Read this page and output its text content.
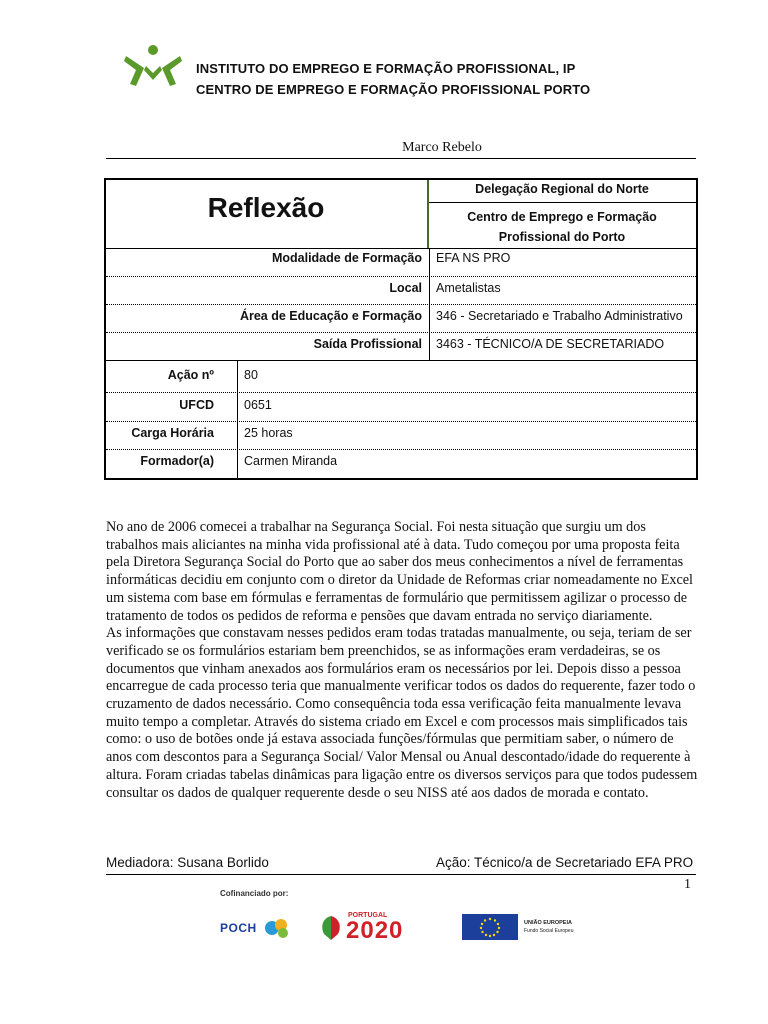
INSTITUTO DO EMPREGO E FORMAÇÃO PROFISSIONAL, IP
CENTRO DE EMPREGO E FORMAÇÃO PROFISSIONAL PORTO
Marco Rebelo
Reflexão
Delegação Regional do Norte
Centro de Emprego e Formação
Profissional do Porto
Modalidade de Formação EFA NS PRO
Local Ametalistas
Área de Educação e Formação 346 - Secretariado e Trabalho Administrativo
Saída Profissional 3463 - TÉCNICO/A DE SECRETARIADO
Ação nº 80
UFCD 0651
Carga Horária 25 horas
Formador(a) Carmen Miranda

No ano de 2006 comecei a trabalhar na Segurança Social. Foi nesta situação que surgiu um dos trabalhos mais aliciantes na minha vida profissional até à data. Tudo começou por uma proposta feita pela Diretora Segurança Social do Porto que ao saber dos meus conhecimentos a nível de ferramentas informáticas decidiu em conjunto com o diretor da Unidade de Reformas criar nomeadamente no Excel um sistema com base em fórmulas e ferramentas de formulário que permitissem agilizar o processo de tratamento de todos os pedidos de reforma e pensões que davam entrada no serviço diariamente.

As informações que constavam nesses pedidos eram todas tratadas manualmente, ou seja, teriam de ser verificado se os formulários estariam bem preenchidos, se as informações eram verdadeiras, se os documentos que vinham anexados aos formulários eram os necessários por lei. Depois disso a pessoa encarregue de cada processo teria que manualmente verificar todos os dados do requerente, fazer todo o cruzamento de dados necessário. Como consequência toda essa verificação feita manualmente levava muito tempo a completar. Através do sistema criado em Excel e com processos mais simplificados tais como: o uso de botões onde já estava associada funções/fórmulas que permitiam saber, o número de anos com descontos para a Segurança Social/ Valor Mensal ou Anual descontado/idade do requerente à altura. Foram criadas tabelas dinâmicas para ligação entre os diversos serviços para que todos pudessem consultar os dados de qualquer requerente desde o seu NISS até aos dados de morada e contato.

Mediadora: Susana Borlido	Ação: Técnico/a de Secretariado EFA PRO
1
Cofinanciado por:
POCH
PORTUGAL
2020	UNIÃO EUROPEIA
Fundo Social Europeu
